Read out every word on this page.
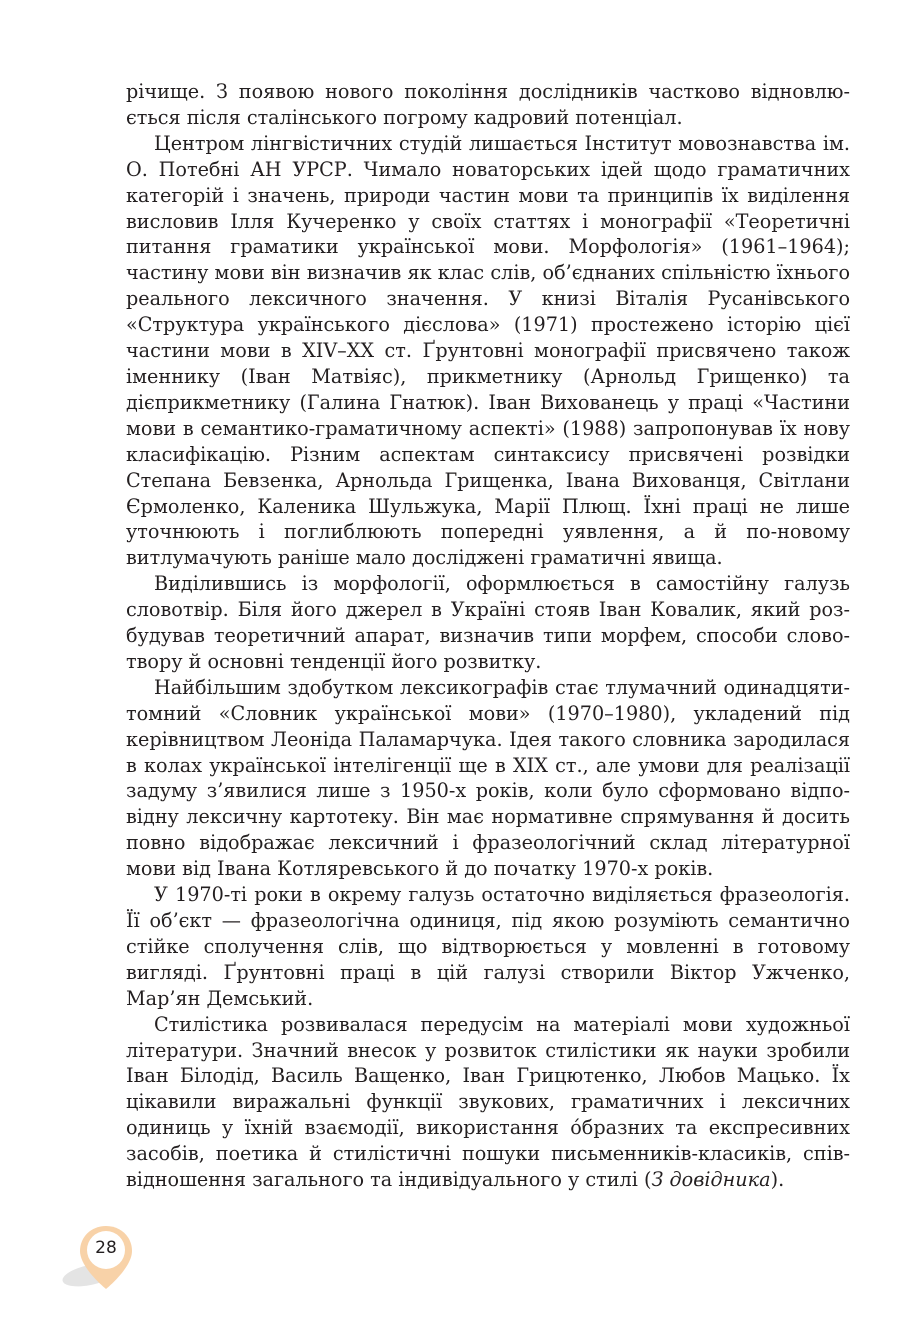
річище. З появою нового покоління дослідників частково відновлюється після сталінського погрому кадровий потенціал.

Центром лінгвістичних студій лишається Інститут мовознавства ім. О. Потебні АН УРСР. Чимало новаторських ідей щодо граматичних категорій і значень, природи частин мови та принципів їх виділення висловив Ілля Кучеренко у своїх статтях і монографії «Теоретичні питання граматики української мови. Морфологія» (1961–1964); частину мови він визначив як клас слів, об’єднаних спільністю їхнього реального лексичного значення. У книзі Віталія Русанівського «Структура українського дієслова» (1971) простежено історію цієї частини мови в XIV–XX ст. Ґрунтовні монографії присвячено також іменнику (Іван Матвіяс), прикметнику (Арнольд Грищенко) та дієприкметнику (Галина Гнатюк). Іван Вихованець у праці «Частини мови в семантико-граматичному аспекті» (1988) запропонував їх нову класифікацію. Різним аспектам синтаксису присвячені розвідки Степана Бевзенка, Арнольда Грищенка, Івана Вихованця, Світлани Єрмоленко, Каленика Шульжука, Марії Плющ. Їхні праці не лише уточнюють і поглиблюють попередні уявлення, а й по-новому витлумачують раніше мало досліджені граматичні явища.

Виділившись із морфології, оформлюється в самостійну галузь словотвір. Біля його джерел в Україні стояв Іван Ковалик, який розбудував теоретичний апарат, визначив типи морфем, способи словотвору й основні тенденції його розвитку.

Найбільшим здобутком лексикографів стає тлумачний одинадцятитомний «Словник української мови» (1970–1980), укладений під керівництвом Леоніда Паламарчука. Ідея такого словника зародилася в колах української інтелігенції ще в XIX ст., але умови для реалізації задуму з’явилися лише з 1950-х років, коли було сформовано відповідну лексичну картотеку. Він має нормативне спрямування й досить повно відображає лексичний і фразеологічний склад літературної мови від Івана Котляревського й до початку 1970-х років.

У 1970-ті роки в окрему галузь остаточно виділяється фразеологія. Її об’єкт — фразеологічна одиниця, під якою розуміють семантично стійке сполучення слів, що відтворюється у мовленні в готовому вигляді. Ґрунтовні праці в цій галузі створили Віктор Ужченко, Мар’ян Демський.

Стилістика розвивалася передусім на матеріалі мови художньої літератури. Значний внесок у розвиток стилістики як науки зробили Іван Білодід, Василь Ващенко, Іван Грицютенко, Любов Мацько. Їх цікавили виражальні функції звукових, граматичних і лексичних одиниць у їхній взаємодії, використання о́бразних та експресивних засобів, поетика й стилістичні пошуки письменників-класиків, співвідношення загального та індивідуального у стилі (З довідника).

28
